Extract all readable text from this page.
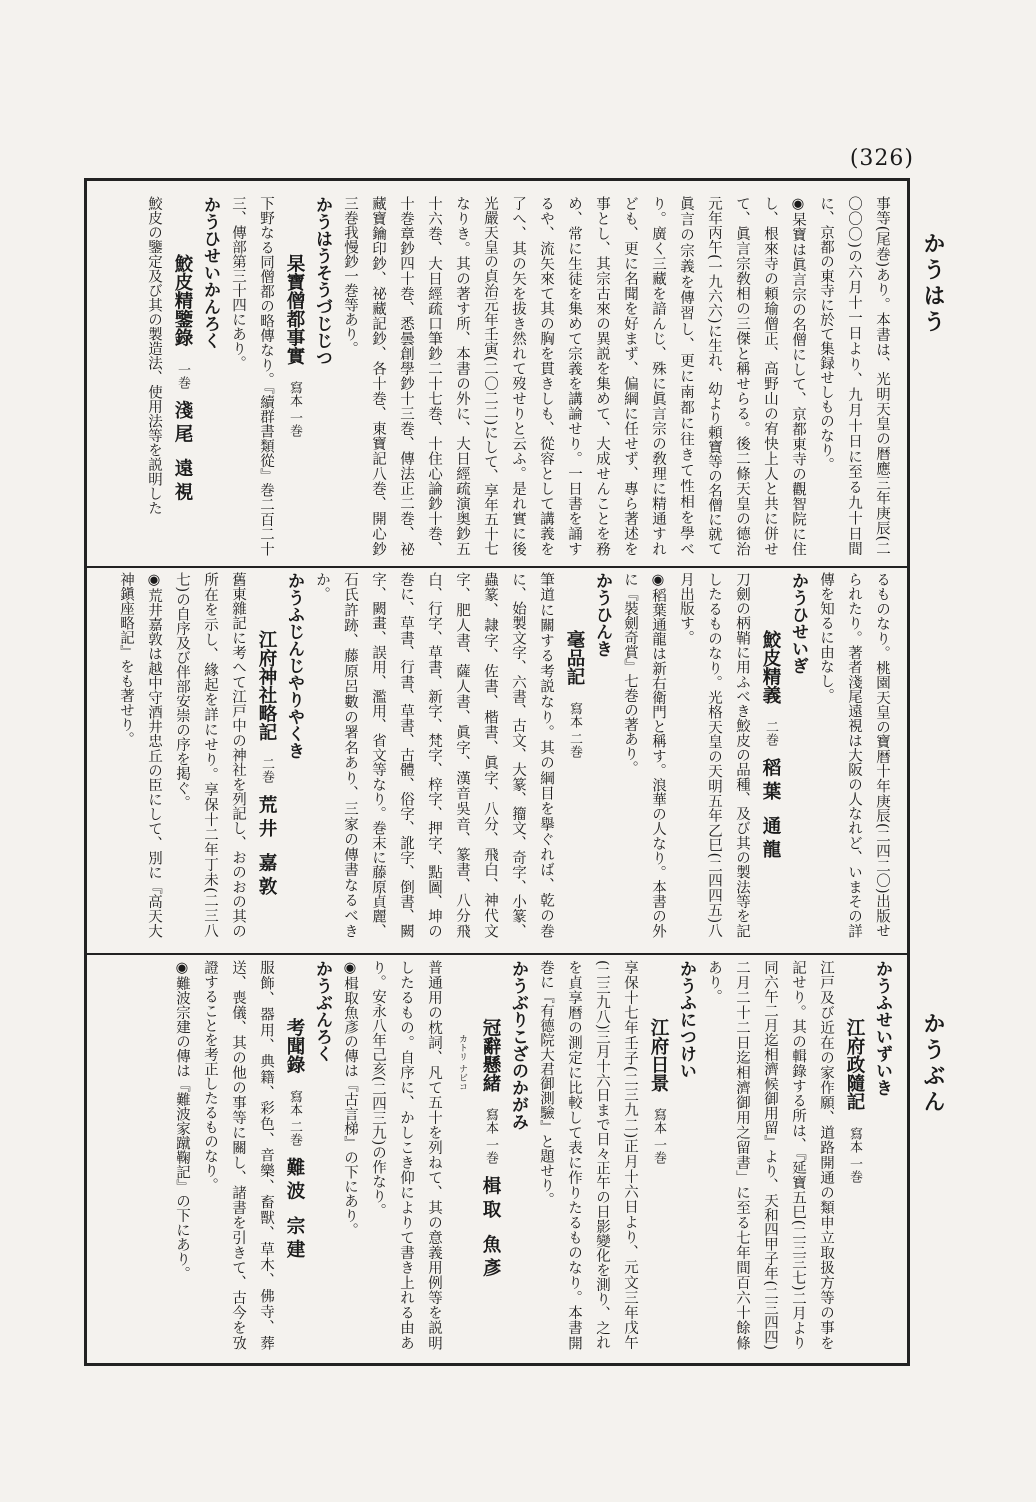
(326)
かうはう
かうぶん
事等(尾巻)あり。本書は、光明天皇の暦應三年庚辰(二〇〇〇)の六月十一日より、九月十日に至る九十日間に、京都の東寺に於て集録せしものなり。
◉杲寶は眞言宗の名僧にして、京都東寺の觀智院に住し、根來寺の頼瑜僧正、高野山の宥快上人と共に併せて、眞言宗敎相の三傑と稱せらる。後二條天皇の德治元年丙午(一九六六)に生れ、幼より頼寶等の名僧に就て眞言の宗義を傳習し、更に南都に往きて性相を學べり。廣く三藏を諳んじ、殊に眞言宗の敎理に精通すれども、更に名聞を好まず、偏綱に任せず、專ら著述を事とし、其宗古來の異説を集めて、大成せんことを務め、常に生徒を集めて宗義を講論せり。一日書を誦するや、流矢來て其の胸を貫きしも、從容として講義を了へ、其の矢を拔き然れて歿せりと云ふ。是れ實に後光嚴天皇の貞治元年壬寅(二〇二二)にして、享年五十七なりき。其の著す所、本書の外に、大日經疏演奥鈔五十六巻、大日經疏口筆鈔二十七巻、十住心論鈔十巻、十巻章鈔四十巻、悉曇創學鈔十三巻、傳法正二巻、祕藏寶鑰印鈔、祕藏記鈔、各十巻、東寶記八巻、開心鈔三巻我慢鈔一巻等あり。
かうはうそうづじじつ
杲寶僧都事實寫本 一巻
下野なる同僧都の略傳なり。『續群書類從』巻二百二十三、傳部第三十四にあり。
かうひせいかんろく
鮫皮精鑒錄一巻淺尾 遠視
鮫皮の鑒定及び其の製造法、使用法等を説明した
るものなり。桃園天皇の寶暦十年庚辰(二四二〇)出版せられたり。著者淺尾遠視は大阪の人なれど、いまその詳傳を知るに由なし。
かうひせいぎ
鮫皮精義二巻稻葉 通龍
刀劍の柄鞘に用ふべき鮫皮の品種、及び其の製法等を記したるものなり。光格天皇の天明五年乙巳(二四四五)八月出版す。
◉稻葉通龍は新右衛門と稱す。浪華の人なり。本書の外に『裝劍奇賞』七巻の著あり。
かうひんき
毫品記寫本 二巻
筆道に關する考説なり。其の綱目を擧ぐれば、乾の巻に、始製文字、六書、古文、大篆、籀文、奇字、小篆、蟲篆、隷字、佐書、楷書、眞字、八分、飛白、神代文字、肥人書、薩人書、眞字、漢音吳音、篆書、八分飛白、行字、草書、新字、梵字、梓字、押字、點圖、坤の巻に、草書、行書、草書、古體、俗字、訛字、倒書、闕字、闕畫、誤用、濫用、省文等なり。巻末に藤原貞麗、石氏許跡、藤原呂數の署名あり、三家の傳書なるべきか。
かうふじんじやりやくき
江府神社略記二巻荒井 嘉敦
舊東雜記に考へて江戸中の神社を列記し、おのおの其の所在を示し、緣起を詳にせり。享保十二年丁未(二三八七)の自序及び伴部安崇の序を掲ぐ。
◉荒井嘉敦は越中守酒井忠丘の臣にして、別に『高天大神鎭座略記』をも著せり。
かうふせいずいき
江府政隨記寫本 一巻
江戸及び近在の家作願、道路開通の類申立取扱方等の事を記せり。其の輯錄する所は、『延寶五巳(二三三七)二月より同六午二月迄相濟候御用留』より、天和四甲子年(二三四四)二月二十二日迄相濟御用之留書」に至る七年間百六十餘條あり。
かうふにつけい
江府日景寫本 一巻
享保十七年壬子(二三九二)正月十六日より、元文三年戊午(二三九八)三月十六日まで日々正午の日影變化を測り、之れを貞享暦の測定に比較して表に作りたるものなり。本書開巻に『有德院大君御測驗』と題せり。
かうぶりこざのかがみ
冠辭懸緒寫本 一巻楫取 魚彥カトリ ナビコ
普通用の枕詞、凡て五十を列ねて、其の意義用例等を説明したるもの。自序に、かしこき仰によりて書き上れる由あり。安永八年己亥(二四三九)の作なり。
◉楫取魚彥の傳は『古言梯』の下にあり。
かうぶんろく
考聞錄寫本 二巻難波 宗建
服飾、器用、典籍、彩色、音樂、畜獸、草木、佛寺、葬送、喪儀、其の他の事等に關し、諸書を引きて、古今を攷證することを考正したるものなり。
◉難波宗建の傳は『難波家蹴鞠記』の下にあり。
